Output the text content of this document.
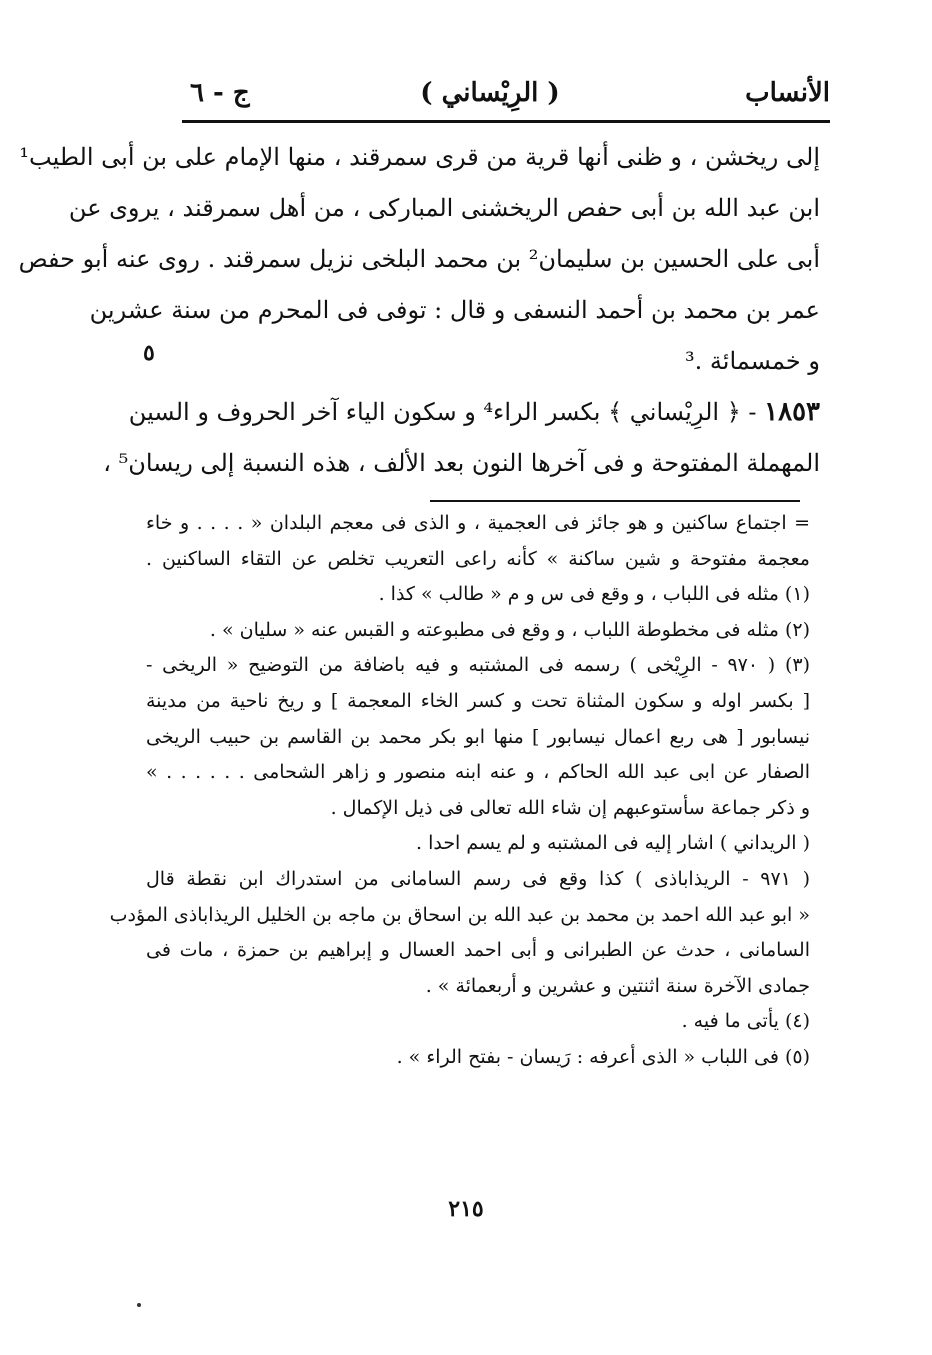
الأنساب
( الرِيْساني )
ج - ٦
إلى ريخشن ، و ظنى أنها قرية من قرى سمرقند ، منها الإمام على بن أبى الطيب¹
ابن عبد الله بن أبى حفص الريخشنى المباركى ، من أهل سمرقند ، يروى عن
أبى على الحسين بن سليمان² بن محمد البلخى نزيل سمرقند . روى عنه أبو حفص
عمر بن محمد بن أحمد النسفى و قال : توفى فى المحرم من سنة عشرين
و خمسمائة .³
١٨٥٣ - ﴿ الرِيْساني ﴾ بكسر الراء⁴ و سكون الياء آخر الحروف و السين
المهملة المفتوحة و فى آخرها النون بعد الألف ، هذه النسبة إلى ريسان⁵ ،
٥
= اجتماع ساكنين و هو جائز فى العجمية ، و الذى فى معجم البلدان « . . . . و خاء
معجمة مفتوحة و شين ساكنة » كأنه راعى التعريب تخلص عن التقاء الساكنين .
(١) مثله فى اللباب ، و وقع فى س و م « طالب » كذا .
(٢) مثله فى مخطوطة اللباب ، و وقع فى مطبوعته و القبس عنه « سليان » .
(٣) ( ٩٧٠ - الرِيْخى ) رسمه فى المشتبه و فيه باضافة من التوضيح « الريخى -
[ بكسر اوله و سكون المثناة تحت و كسر الخاء المعجمة ] و ريخ ناحية من مدينة
نيسابور [ هى ربع اعمال نيسابور ] منها ابو بكر محمد بن القاسم بن حبيب الريخى
الصفار عن ابى عبد الله الحاكم ، و عنه ابنه منصور و زاهر الشحامى . . . . . . »
و ذكر جماعة سأستوعبهم إن شاء الله تعالى فى ذيل الإكمال .
( الريداني ) اشار إليه فى المشتبه و لم يسم احدا .
( ٩٧١ - الريذاباذى ) كذا وقع فى رسم السامانى من استدراك ابن نقطة قال
« ابو عبد الله احمد بن محمد بن عبد الله بن اسحاق بن ماجه بن الخليل الريذاباذى المؤدب
السامانى ، حدث عن الطبرانى و أبى احمد العسال و إبراهيم بن حمزة ، مات فى
جمادى الآخرة سنة اثنتين و عشرين و أربعمائة » .
(٤) يأتى ما فيه .
(٥) فى اللباب « الذى أعرفه : رَيسان - بفتح الراء » .
٢١٥
